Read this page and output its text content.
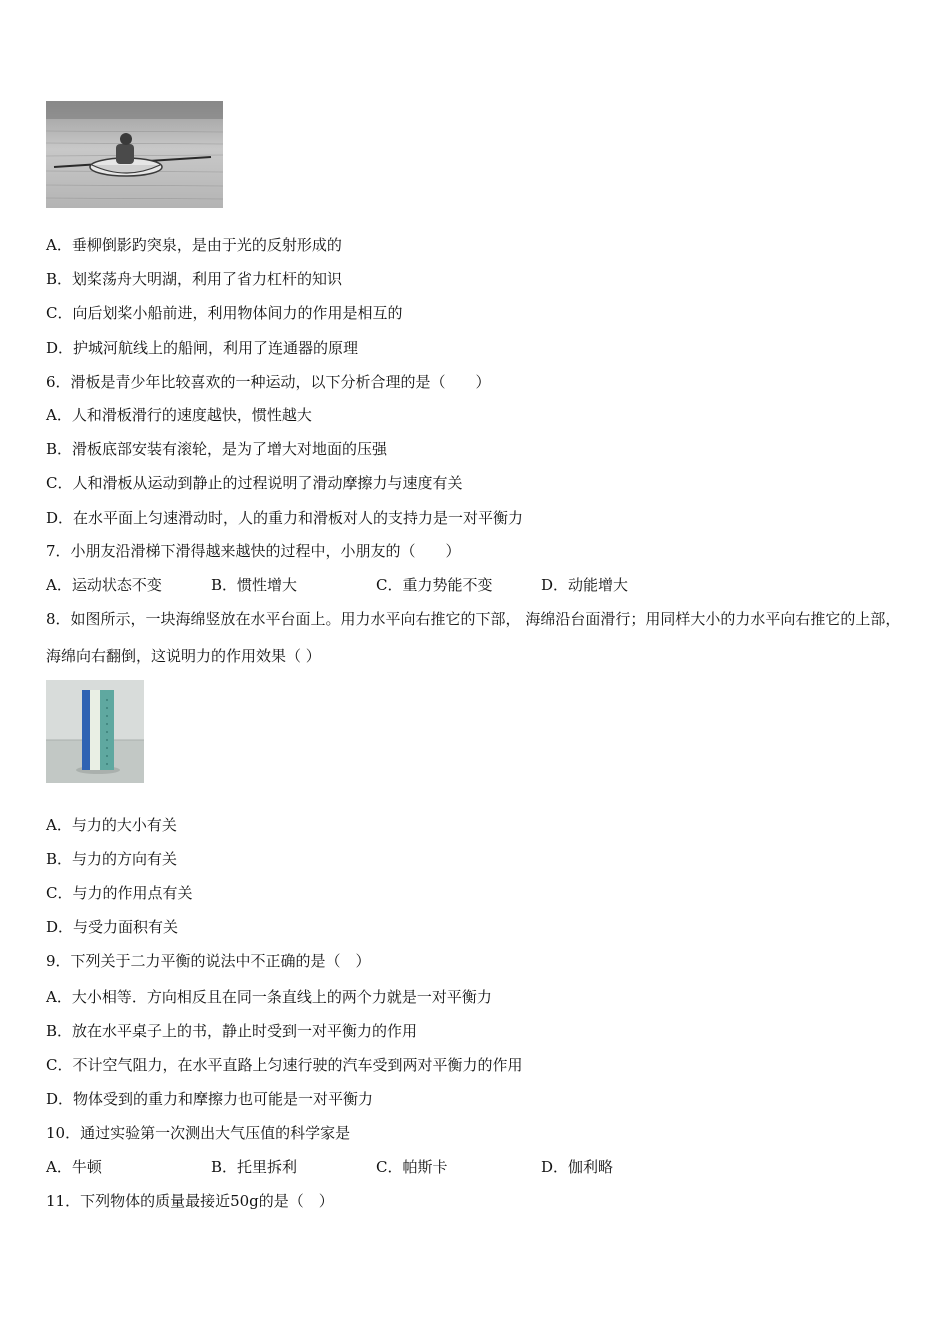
A．垂柳倒影趵突泉，是由于光的反射形成的
B．划桨荡舟大明湖，利用了省力杠杆的知识
C．向后划桨小船前进，利用物体间力的作用是相互的
D．护城河航线上的船闸，利用了连通器的原理
6．滑板是青少年比较喜欢的一种运动，以下分析合理的是（　　）
A．人和滑板滑行的速度越快，惯性越大
B．滑板底部安装有滚轮，是为了增大对地面的压强
C．人和滑板从运动到静止的过程说明了滑动摩擦力与速度有关
D．在水平面上匀速滑动时，人的重力和滑板对人的支持力是一对平衡力
7．小朋友沿滑梯下滑得越来越快的过程中，小朋友的（　　）
A．运动状态不变	B．惯性增大	C．重力势能不变	D．动能增大
8．如图所示，一块海绵竖放在水平台面上。用力水平向右推它的下部， 海绵沿台面滑行；用同样大小的力水平向右推它的上部，海绵向右翻倒，这说明力的作用效果（ ）
A．与力的大小有关
B．与力的方向有关
C．与力的作用点有关
D．与受力面积有关
9．下列关于二力平衡的说法中不正确的是（　）
A．大小相等．方向相反且在同一条直线上的两个力就是一对平衡力
B．放在水平桌子上的书，静止时受到一对平衡力的作用
C．不计空气阻力，在水平直路上匀速行驶的汽车受到两对平衡力的作用
D．物体受到的重力和摩擦力也可能是一对平衡力
10．通过实验第一次测出大气压值的科学家是
A．牛顿	B．托里拆利	C．帕斯卡	D．伽利略
11．下列物体的质量最接近50g的是（　）
